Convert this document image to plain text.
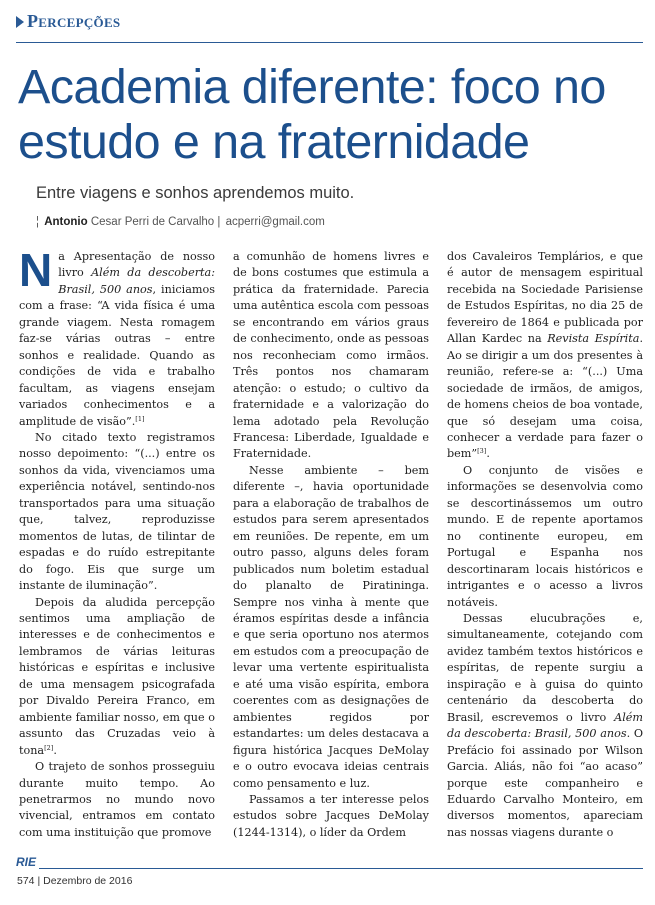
Percepções
Academia diferente: foco no estudo e na fraternidade
Entre viagens e sonhos aprendemos muito.
¦ Antonio Cesar Perri de Carvalho | acperri@gmail.com

Na Apresentação de nosso livro Além da descoberta: Brasil, 500 anos, iniciamos com a frase: “A vida física é uma grande viagem. Nesta romagem faz-se várias outras – entre sonhos e realidade. Quando as condições de vida e trabalho facultam, as viagens ensejam variados conhecimentos e a amplitude de visão”.[1]

No citado texto registramos nosso depoimento: “(...) entre os sonhos da vida, vivenciamos uma experiência notável, sentindo-nos transportados para uma situação que, talvez, reproduzisse momentos de lutas, de tilintar de espadas e do ruído estrepitante do fogo. Eis que surge um instante de iluminação”.

Depois da aludida percepção sentimos uma ampliação de interesses e de conhecimentos e lembramos de várias leituras históricas e espíritas e inclusive de uma mensagem psicografada por Divaldo Pereira Franco, em ambiente familiar nosso, em que o assunto das Cruzadas veio à tona[2].

O trajeto de sonhos prosseguiu durante muito tempo. Ao penetrarmos no mundo novo vivencial, entramos em contato com uma instituição que promove

a comunhão de homens livres e de bons costumes que estimula a prática da fraternidade. Parecia uma autêntica escola com pessoas se encontrando em vários graus de conhecimento, onde as pessoas nos reconheciam como irmãos. Três pontos nos chamaram atenção: o estudo; o cultivo da fraternidade e a valorização do lema adotado pela Revolução Francesa: Liberdade, Igualdade e Fraternidade.

Nesse ambiente – bem diferente –, havia oportunidade para a elaboração de trabalhos de estudos para serem apresentados em reuniões. De repente, em um outro passo, alguns deles foram publicados num boletim estadual do planalto de Piratininga. Sempre nos vinha à mente que éramos espíritas desde a infância e que seria oportuno nos atermos em estudos com a preocupação de levar uma vertente espiritualista e até uma visão espírita, embora coerentes com as designações de ambientes regidos por estandartes: um deles destacava a figura histórica Jacques DeMolay e o outro evocava ideias centrais como pensamento e luz.

Passamos a ter interesse pelos estudos sobre Jacques DeMolay (1244-1314), o líder da Ordem

dos Cavaleiros Templários, e que é autor de mensagem espiritual recebida na Sociedade Parisiense de Estudos Espíritas, no dia 25 de fevereiro de 1864 e publicada por Allan Kardec na Revista Espírita. Ao se dirigir a um dos presentes à reunião, refere-se a: “(...) Uma sociedade de irmãos, de amigos, de homens cheios de boa vontade, que só desejam uma coisa, conhecer a verdade para fazer o bem”[3].

O conjunto de visões e informações se desenvolvia como se descortinássemos um outro mundo. E de repente aportamos no continente europeu, em Portugal e Espanha nos descortinaram locais históricos e intrigantes e o acesso a livros notáveis.

Dessas elucubrações e, simultaneamente, cotejando com avidez também textos históricos e espíritas, de repente surgiu a inspiração e à guisa do quinto centenário da descoberta do Brasil, escrevemos o livro Além da descoberta: Brasil, 500 anos. O Prefácio foi assinado por Wilson Garcia. Aliás, não foi “ao acaso” porque este companheiro e Eduardo Carvalho Monteiro, em diversos momentos, apareciam nas nossas viagens durante o

RIE
574 | Dezembro de 2016
